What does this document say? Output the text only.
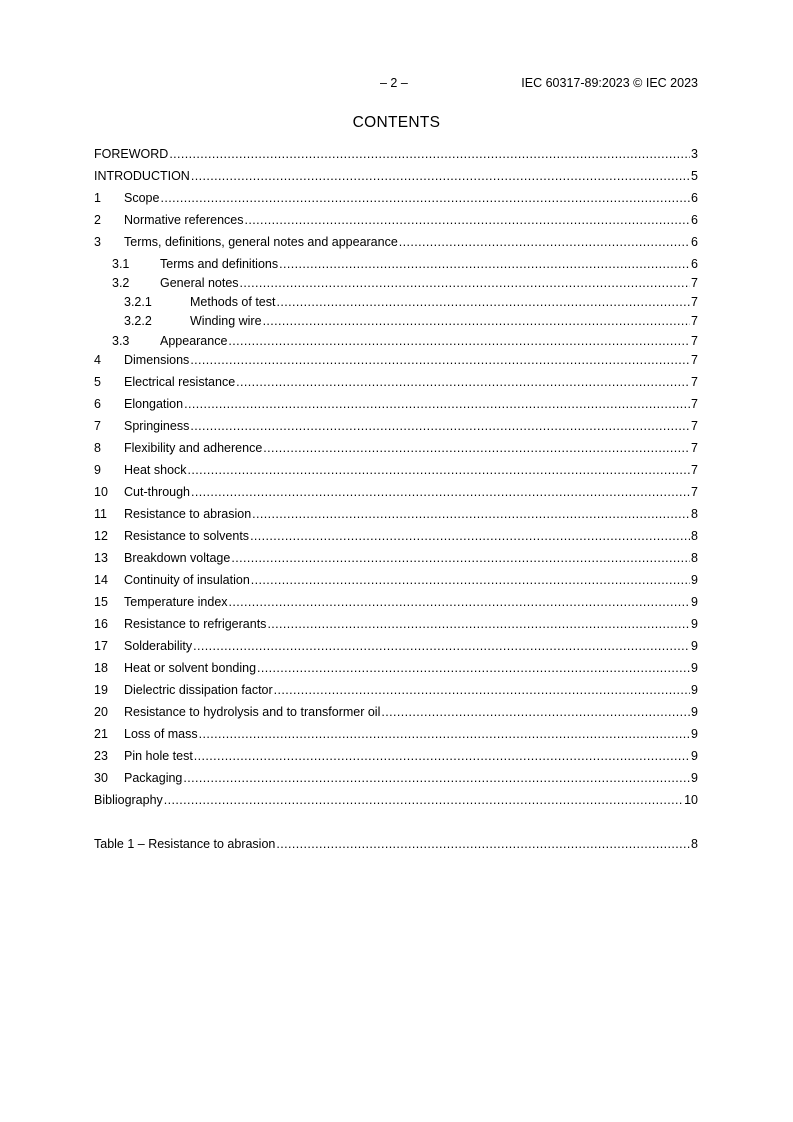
– 2 –	IEC 60317-89:2023 © IEC 2023
CONTENTS
FOREWORD .....	3
INTRODUCTION .....	5
1	Scope .....	6
2	Normative references .....	6
3	Terms, definitions, general notes and appearance .....	6
3.1	Terms and definitions .....	6
3.2	General notes .....	7
3.2.1	Methods of test .....	7
3.2.2	Winding wire .....	7
3.3	Appearance .....	7
4	Dimensions .....	7
5	Electrical resistance .....	7
6	Elongation .....	7
7	Springiness .....	7
8	Flexibility and adherence .....	7
9	Heat shock .....	7
10	Cut-through .....	7
11	Resistance to abrasion .....	8
12	Resistance to solvents .....	8
13	Breakdown voltage .....	8
14	Continuity of insulation .....	9
15	Temperature index .....	9
16	Resistance to refrigerants .....	9
17	Solderability .....	9
18	Heat or solvent bonding .....	9
19	Dielectric dissipation factor .....	9
20	Resistance to hydrolysis and to transformer oil .....	9
21	Loss of mass .....	9
23	Pin hole test .....	9
30	Packaging .....	9
Bibliography .....	10
Table 1 – Resistance to abrasion .....	8
